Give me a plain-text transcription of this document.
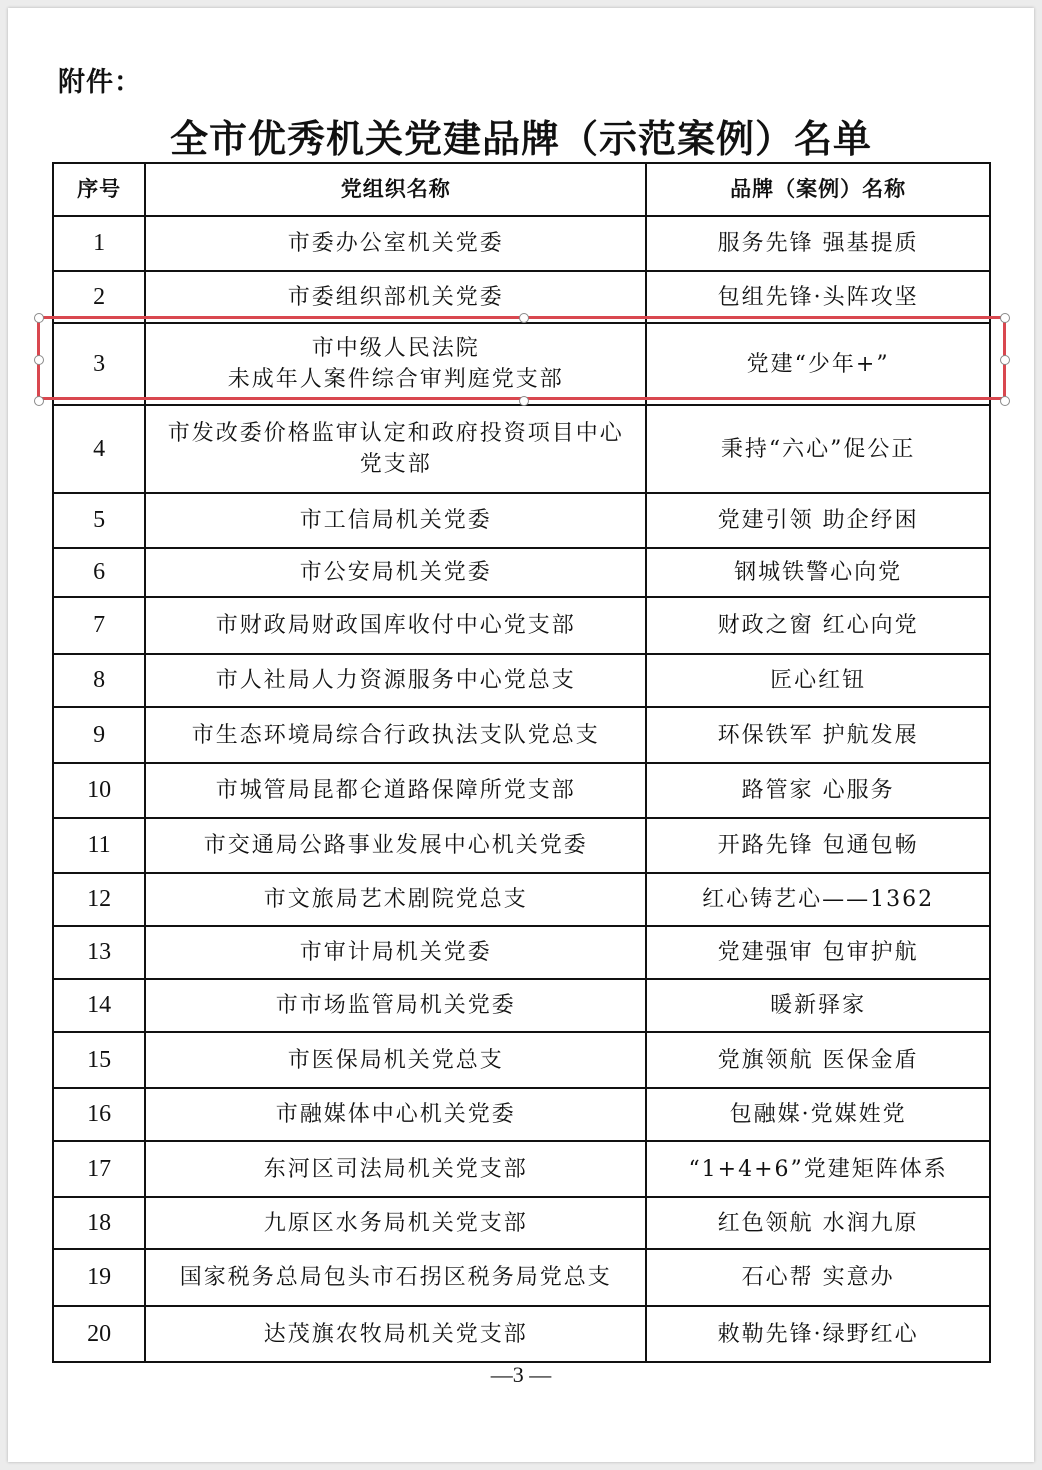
附件：

全市优秀机关党建品牌（示范案例）名单
序号	党组织名称	品牌（案例）名称
1	市委办公室机关党委	服务先锋 强基提质
2	市委组织部机关党委	包组先锋·头阵攻坚
3	市中级人民法院
未成年人案件综合审判庭党支部	党建“少年+”
4	市发改委价格监审认定和政府投资项目中心
党支部	秉持“六心”促公正
5	市工信局机关党委	党建引领 助企纾困
6	市公安局机关党委	钢城铁警心向党
7	市财政局财政国库收付中心党支部	财政之窗 红心向党
8	市人社局人力资源服务中心党总支	匠心红钮
9	市生态环境局综合行政执法支队党总支	环保铁军 护航发展
10	市城管局昆都仑道路保障所党支部	路管家 心服务
11	市交通局公路事业发展中心机关党委	开路先锋 包通包畅
12	市文旅局艺术剧院党总支	红心铸艺心——1362
13	市审计局机关党委	党建强审 包审护航
14	市市场监管局机关党委	暖新驿家
15	市医保局机关党总支	党旗领航 医保金盾
16	市融媒体中心机关党委	包融媒·党媒姓党
17	东河区司法局机关党支部	“1+4+6”党建矩阵体系
18	九原区水务局机关党支部	红色领航 水润九原
19	国家税务总局包头市石拐区税务局党总支	石心帮 实意办
20	达茂旗农牧局机关党支部	敕勒先锋·绿野红心

—3 —
